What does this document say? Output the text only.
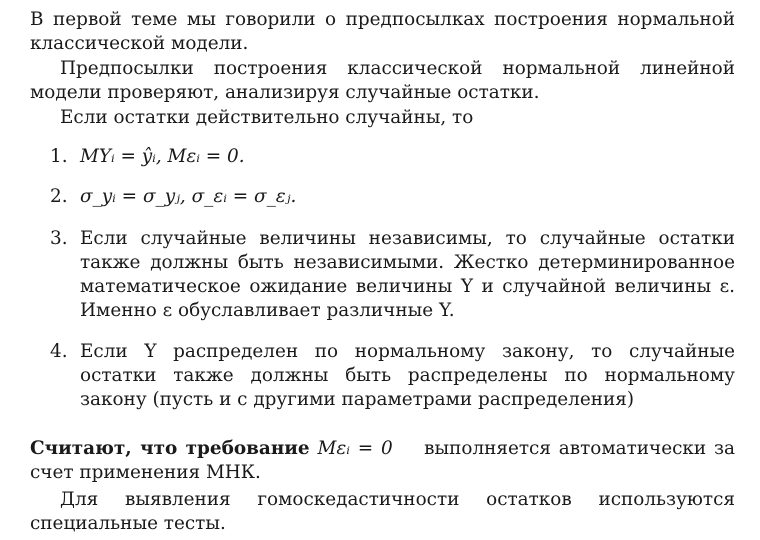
В первой теме мы говорили о предпосылках построения нормальной классической модели.

Предпосылки построения классической нормальной линейной модели проверяют, анализируя случайные остатки.

Если остатки действительно случайны, то

1. MYᵢ = ŷᵢ, Mεᵢ = 0.
2. σ_yᵢ = σ_yⱼ, σ_εᵢ = σ_εⱼ.
3. Если случайные величины независимы, то случайные остатки также должны быть независимыми. Жестко детерминированное математическое ожидание величины Y и случайной величины ε. Именно ε обуславливает различные Y.
4. Если Y распределен по нормальному закону, то случайные остатки также должны быть распределены по нормальному закону (пусть и с другими параметрами распределения)

Считают, что требование Mεᵢ = 0 выполняется автоматически за счет применения МНК.

Для выявления гомоскедастичности остатков используются специальные тесты.
